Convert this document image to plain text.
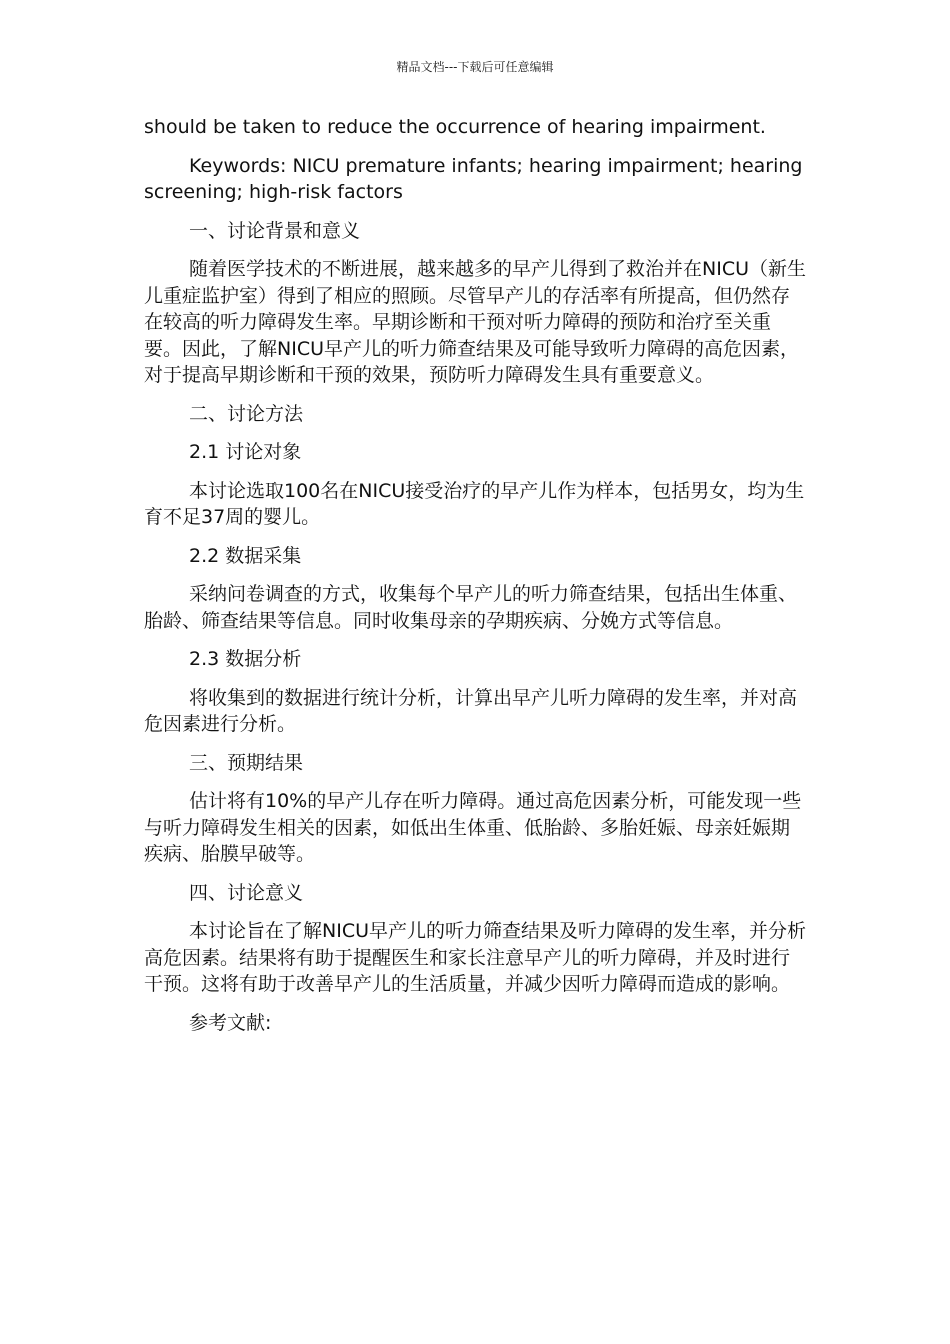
精品文档---下载后可任意编辑

should be taken to reduce the occurrence of hearing impairment.

Keywords: NICU premature infants; hearing impairment; hearing screening; high-risk factors

一、讨论背景和意义

随着医学技术的不断进展，越来越多的早产儿得到了救治并在NICU（新生儿重症监护室）得到了相应的照顾。尽管早产儿的存活率有所提高，但仍然存在较高的听力障碍发生率。早期诊断和干预对听力障碍的预防和治疗至关重要。因此，了解NICU早产儿的听力筛查结果及可能导致听力障碍的高危因素，对于提高早期诊断和干预的效果，预防听力障碍发生具有重要意义。

二、讨论方法

2.1 讨论对象

本讨论选取100名在NICU接受治疗的早产儿作为样本，包括男女，均为生育不足37周的婴儿。

2.2 数据采集

采纳问卷调查的方式，收集每个早产儿的听力筛查结果，包括出生体重、胎龄、筛查结果等信息。同时收集母亲的孕期疾病、分娩方式等信息。

2.3 数据分析

将收集到的数据进行统计分析，计算出早产儿听力障碍的发生率，并对高危因素进行分析。

三、预期结果

估计将有10%的早产儿存在听力障碍。通过高危因素分析，可能发现一些与听力障碍发生相关的因素，如低出生体重、低胎龄、多胎妊娠、母亲妊娠期疾病、胎膜早破等。

四、讨论意义

本讨论旨在了解NICU早产儿的听力筛查结果及听力障碍的发生率，并分析高危因素。结果将有助于提醒医生和家长注意早产儿的听力障碍，并及时进行干预。这将有助于改善早产儿的生活质量，并减少因听力障碍而造成的影响。

参考文献:
